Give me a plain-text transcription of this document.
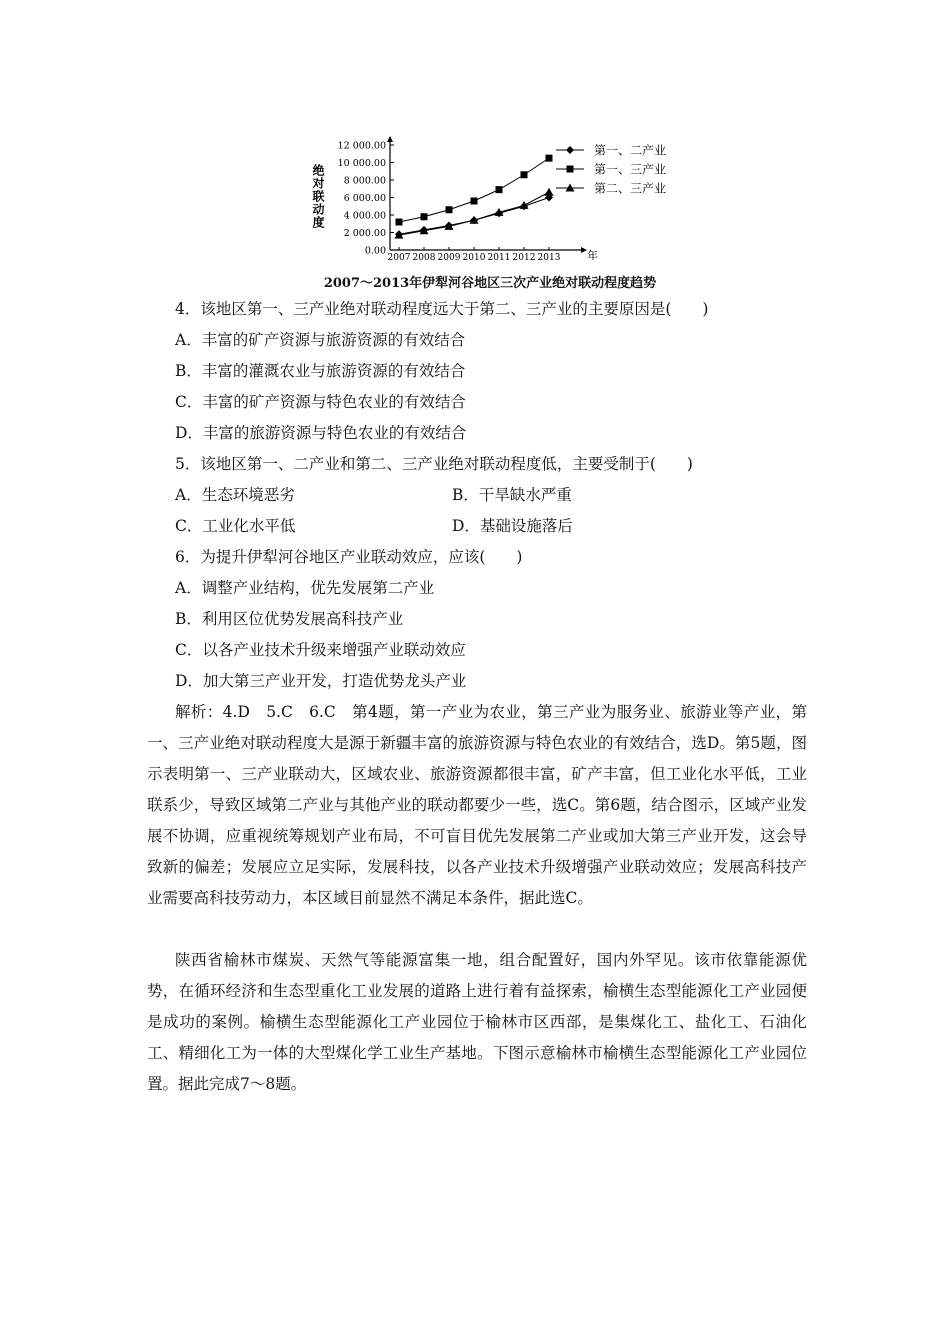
0.00
2 000.00
4 000.00
6 000.00
8 000.00
10 000.00
12 000.00
2007 2008 2009 2010 2011 2012 2013
第一、二产业
第一、三产业
第二、三产业
绝对联动度
年
2007～2013年伊犁河谷地区三次产业绝对联动程度趋势
4．该地区第一、三产业绝对联动程度远大于第二、三产业的主要原因是(　　)
A．丰富的矿产资源与旅游资源的有效结合
B．丰富的灌溉农业与旅游资源的有效结合
C．丰富的矿产资源与特色农业的有效结合
D．丰富的旅游资源与特色农业的有效结合
5．该地区第一、二产业和第二、三产业绝对联动程度低，主要受制于(　　)
A．生态环境恶劣	B．干旱缺水严重
C．工业化水平低	D．基础设施落后
6．为提升伊犁河谷地区产业联动效应，应该(　　)
A．调整产业结构，优先发展第二产业
B．利用区位优势发展高科技产业
C．以各产业技术升级来增强产业联动效应
D．加大第三产业开发，打造优势龙头产业
解析：4.D　5.C　6.C　第4题，第一产业为农业，第三产业为服务业、旅游业等产业，第一、三产业绝对联动程度大是源于新疆丰富的旅游资源与特色农业的有效结合，选D。第5题，图示表明第一、三产业联动大，区域农业、旅游资源都很丰富，矿产丰富，但工业化水平低，工业联系少，导致区域第二产业与其他产业的联动都要少一些，选C。第6题，结合图示，区域产业发展不协调，应重视统筹规划产业布局，不可盲目优先发展第二产业或加大第三产业开发，这会导致新的偏差；发展应立足实际，发展科技，以各产业技术升级增强产业联动效应；发展高科技产业需要高科技劳动力，本区域目前显然不满足本条件，据此选C。
陕西省榆林市煤炭、天然气等能源富集一地，组合配置好，国内外罕见。该市依靠能源优势，在循环经济和生态型重化工业发展的道路上进行着有益探索，榆横生态型能源化工产业园便是成功的案例。榆横生态型能源化工产业园位于榆林市区西部，是集煤化工、盐化工、石油化工、精细化工为一体的大型煤化学工业生产基地。下图示意榆林市榆横生态型能源化工产业园位置。据此完成7～8题。
